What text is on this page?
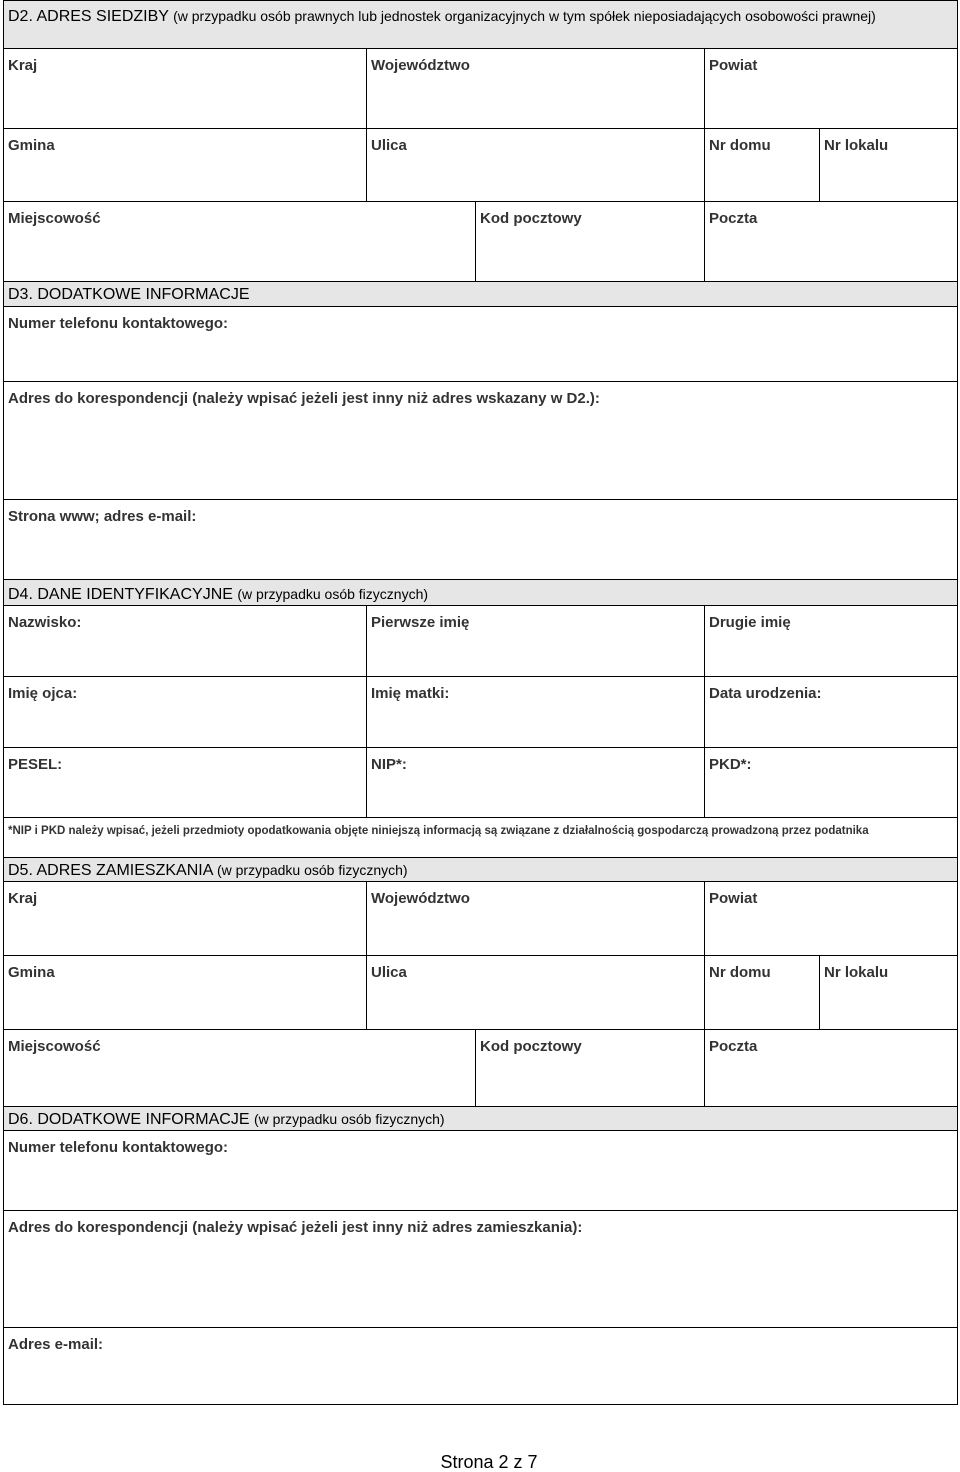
D2. ADRES SIEDZIBY (w przypadku osób prawnych lub jednostek organizacyjnych w tym spółek nieposiadających osobowości prawnej)
Kraj	Województwo	Powiat
Gmina	Ulica	Nr domu	Nr lokalu
Miejscowość	Kod pocztowy	Poczta
D3. DODATKOWE INFORMACJE
Numer telefonu kontaktowego:
Adres do korespondencji (należy wpisać jeżeli jest inny niż adres wskazany w D2.):
Strona www; adres e-mail:
D4. DANE IDENTYFIKACYJNE (w przypadku osób fizycznych)
Nazwisko:	Pierwsze imię	Drugie imię
Imię ojca:	Imię matki:	Data urodzenia:
PESEL:	NIP*:	PKD*:
*NIP i PKD należy wpisać, jeżeli przedmioty opodatkowania objęte niniejszą informacją są związane z działalnością gospodarczą prowadzoną przez podatnika
D5. ADRES ZAMIESZKANIA (w przypadku osób fizycznych)
Kraj	Województwo	Powiat
Gmina	Ulica	Nr domu	Nr lokalu
Miejscowość	Kod pocztowy	Poczta
D6. DODATKOWE INFORMACJE (w przypadku osób fizycznych)
Numer telefonu kontaktowego:
Adres do korespondencji (należy wpisać jeżeli jest inny niż adres zamieszkania):
Adres e-mail:
Strona 2 z 7
